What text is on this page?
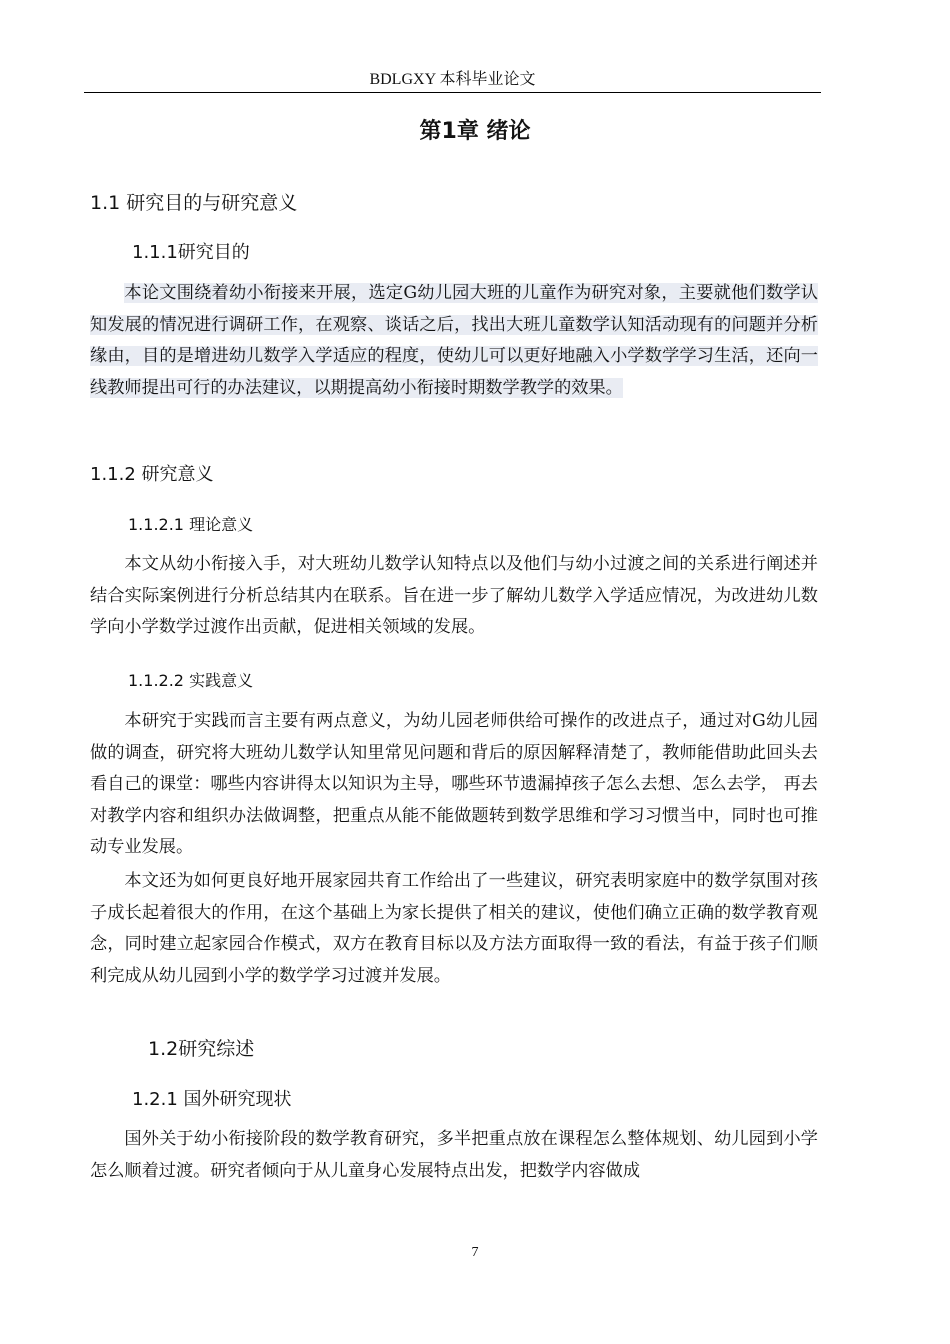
BDLGXY 本科毕业论文
第1章 绪论
1.1 研究目的与研究意义
1.1.1研究目的
本论文围绕着幼小衔接来开展，选定G幼儿园大班的儿童作为研究对象，主要就他们数学认知发展的情况进行调研工作，在观察、谈话之后，找出大班儿童数学认知活动现有的问题并分析缘由，目的是增进幼儿数学入学适应的程度，使幼儿可以更好地融入小学数学学习生活，还向一线教师提出可行的办法建议，以期提高幼小衔接时期数学教学的效果。
1.1.2 研究意义
1.1.2.1 理论意义
本文从幼小衔接入手，对大班幼儿数学认知特点以及他们与幼小过渡之间的关系进行阐述并结合实际案例进行分析总结其内在联系。旨在进一步了解幼儿数学入学适应情况，为改进幼儿数学向小学数学过渡作出贡献，促进相关领域的发展。
1.1.2.2 实践意义
本研究于实践而言主要有两点意义，为幼儿园老师供给可操作的改进点子，通过对G幼儿园做的调查，研究将大班幼儿数学认知里常见问题和背后的原因解释清楚了，教师能借助此回头去看自己的课堂：哪些内容讲得太以知识为主导，哪些环节遗漏掉孩子怎么去想、怎么去学， 再去对教学内容和组织办法做调整，把重点从能不能做题转到数学思维和学习习惯当中，同时也可推动专业发展。
本文还为如何更良好地开展家园共育工作给出了一些建议，研究表明家庭中的数学氛围对孩子成长起着很大的作用，在这个基础上为家长提供了相关的建议，使他们确立正确的数学教育观念，同时建立起家园合作模式，双方在教育目标以及方法方面取得一致的看法，有益于孩子们顺利完成从幼儿园到小学的数学学习过渡并发展。
1.2研究综述
1.2.1 国外研究现状
国外关于幼小衔接阶段的数学教育研究，多半把重点放在课程怎么整体规划、幼儿园到小学怎么顺着过渡。研究者倾向于从儿童身心发展特点出发，把数学内容做成
7
